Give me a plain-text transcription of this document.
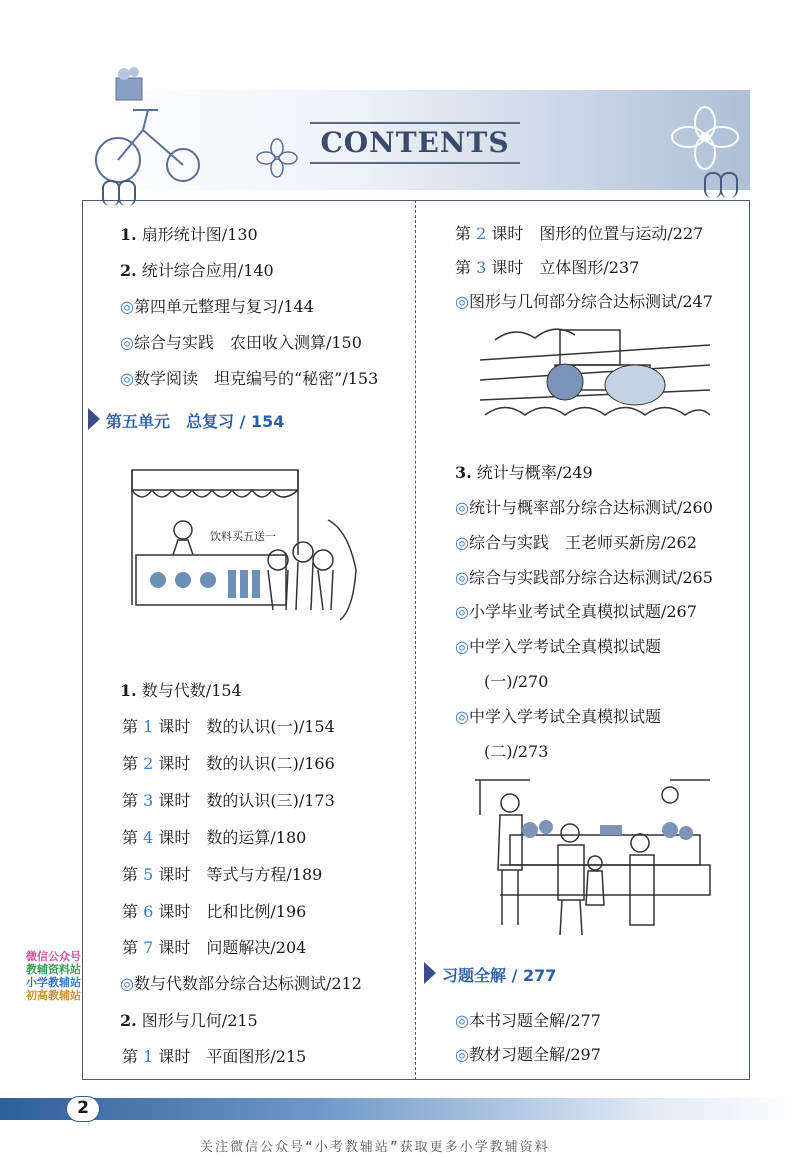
CONTENTS
1. 扇形统计图/130
2. 统计综合应用/140
◎第四单元整理与复习/144
◎综合与实践　农田收入测算/150
◎数学阅读　坦克编号的“秘密”/153
第五单元　总复习 / 154
饮料买五送一
1. 数与代数/154
第 1 课时　数的认识(一)/154
第 2 课时　数的认识(二)/166
第 3 课时　数的认识(三)/173
第 4 课时　数的运算/180
第 5 课时　等式与方程/189
第 6 课时　比和比例/196
第 7 课时　问题解决/204
◎数与代数部分综合达标测试/212
2. 图形与几何/215
第 1 课时　平面图形/215
第 2 课时　图形的位置与运动/227
第 3 课时　立体图形/237
◎图形与几何部分综合达标测试/247
3. 统计与概率/249
◎统计与概率部分综合达标测试/260
◎综合与实践　王老师买新房/262
◎综合与实践部分综合达标测试/265
◎小学毕业考试全真模拟试题/267
◎中学入学考试全真模拟试题
(一)/270
◎中学入学考试全真模拟试题
(二)/273
习题全解 / 277
◎本书习题全解/277
◎教材习题全解/297
微信公众号
教辅资料站
小学教辅站
初高教辅站
2
关注微信公众号“小考教辅站”获取更多小学教辅资料
